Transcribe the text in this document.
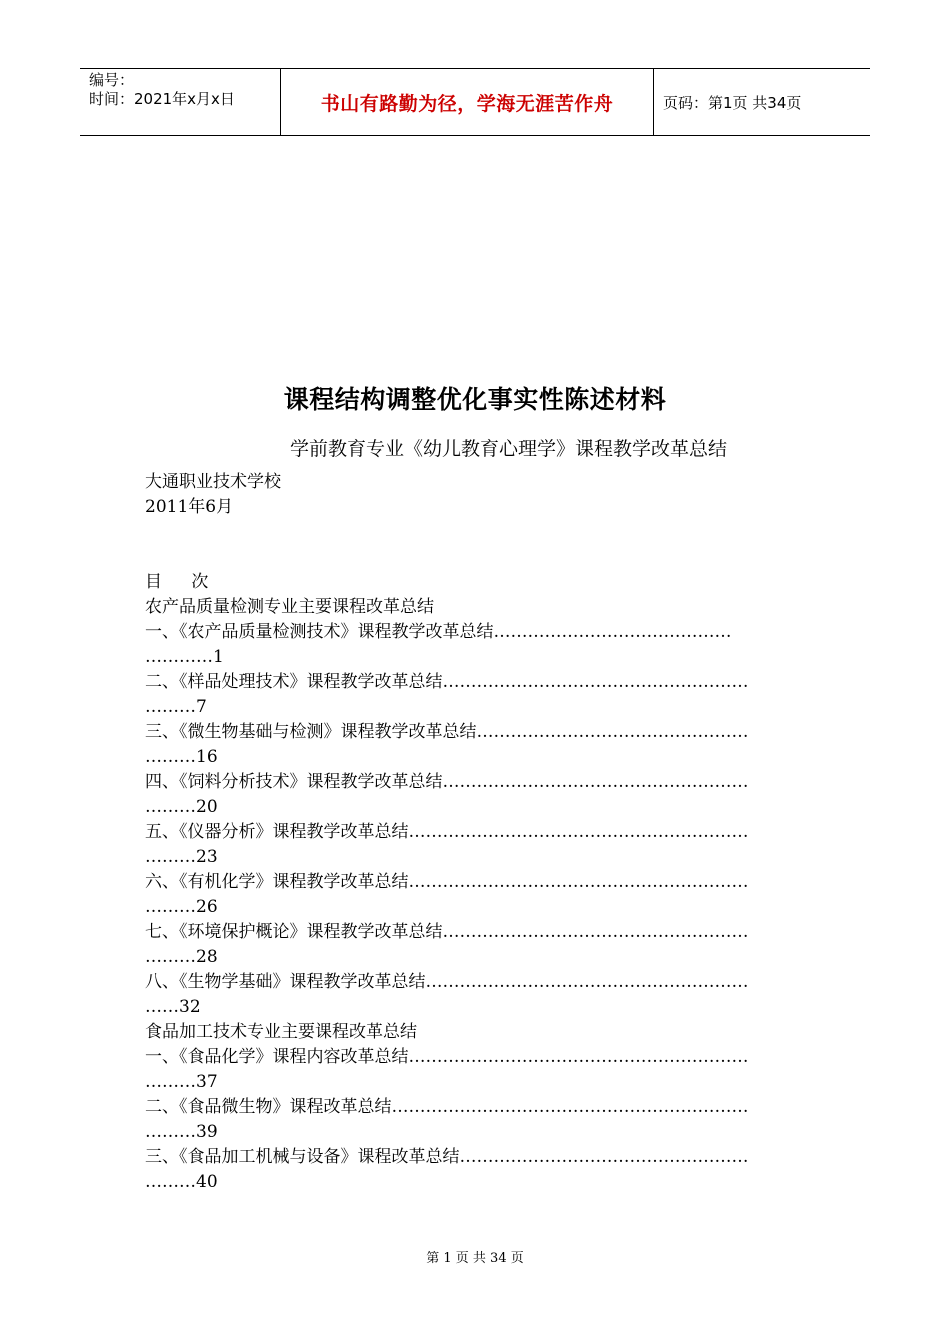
编号：
时间：2021年x月x日	书山有路勤为径，学海无涯苦作舟	页码：第1页 共34页
课程结构调整优化事实性陈述材料
学前教育专业《幼儿教育心理学》课程教学改革总结
大通职业技术学校
2011年6月
目 次
农产品质量检测专业主要课程改革总结
一、《农产品质量检测技术》课程教学改革总结……………………………………
…………1
二、《样品处理技术》课程教学改革总结………………………………………………
………7
三、《微生物基础与检测》课程教学改革总结…………………………………………
………16
四、《饲料分析技术》课程教学改革总结………………………………………………
………20
五、《仪器分析》课程教学改革总结……………………………………………………
………23
六、《有机化学》课程教学改革总结……………………………………………………
………26
七、《环境保护概论》课程教学改革总结………………………………………………
………28
八、《生物学基础》课程教学改革总结…………………………………………………
……32
食品加工技术专业主要课程改革总结
一、《食品化学》课程内容改革总结……………………………………………………
………37
二、《食品微生物》课程改革总结………………………………………………………
………39
三、《食品加工机械与设备》课程改革总结……………………………………………
………40
第 1 页 共 34 页
